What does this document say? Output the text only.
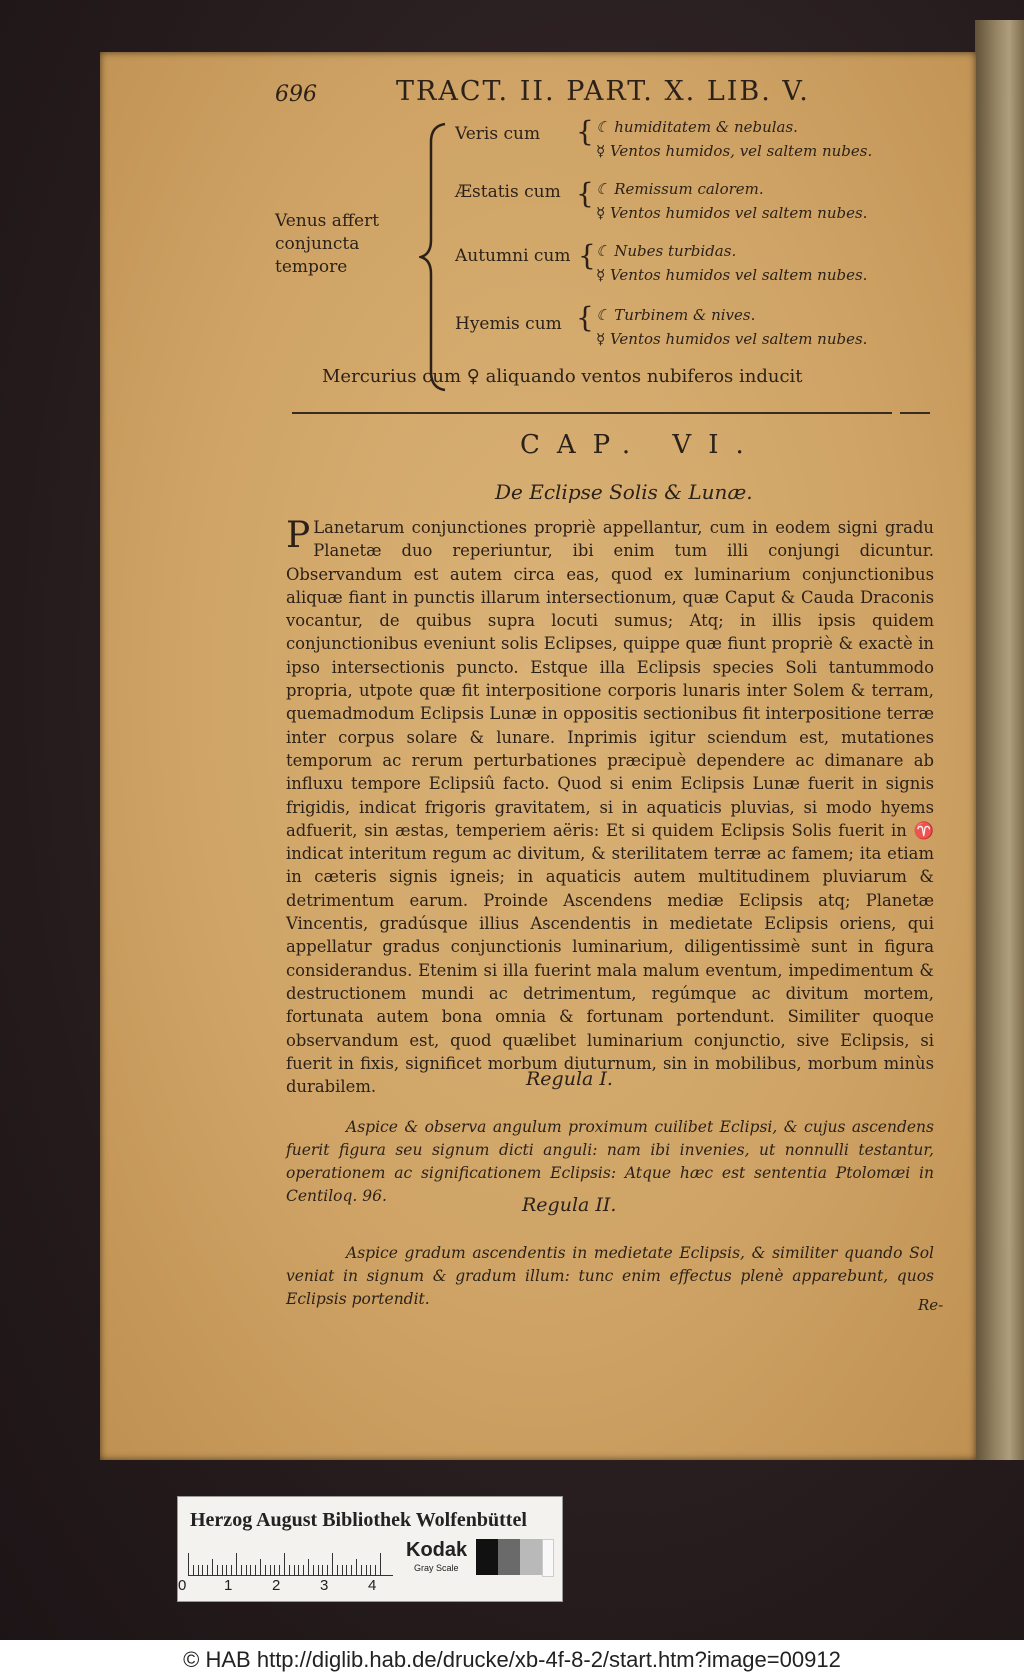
696	TRACT. II. PART. X. LIB. V.
Venus affert conjuncta tempore
Veris cum { ☾ humiditatem & nebulas.
☿ Ventos humidos, vel saltem nubes.
Æstatis cum { ☾ Remissum calorem.
☿ Ventos humidos vel saltem nubes.
Autumni cum { ☾ Nubes turbidas.
☿ Ventos humidos vel saltem nubes.
Hyemis cum { ☾ Turbinem & nives.
☿ Ventos humidos vel saltem nubes.
Mercurius cum ♀ aliquando ventos nubiferos inducit
CAP. VI.
De Eclipse Solis & Lunæ.
P Lanetarum conjunctiones propriè appellantur, cum in eodem signi gradu Planetæ duo reperiuntur, ibi enim tum illi conjungi dicuntur. Observandum est autem circa eas, quod ex luminarium conjunctionibus aliquæ fiant in punctis illarum intersectionum, quæ Caput & Cauda Draconis vocantur, de quibus supra locuti sumus; Atq; in illis ipsis quidem conjunctionibus eveniunt solis Eclipses, quippe quæ fiunt propriè & exactè in ipso intersectionis puncto. Estque illa Eclipsis species Soli tantummodo propria, utpote quæ fit interpositione corporis lunaris inter Solem & terram, quemadmodum Eclipsis Lunæ in oppositis sectionibus fit interpositione terræ inter corpus solare & lunare. Inprimis igitur sciendum est, mutationes temporum ac rerum perturbationes præcipuè dependere ac dimanare ab influxu tempore Eclipsiû facto. Quod si enim Eclipsis Lunæ fuerit in signis frigidis, indicat frigoris gravitatem, si in aquaticis pluvias, si modo hyems adfuerit, sin æstas, temperiem aëris: Et si quidem Eclipsis Solis fuerit in ♈ indicat interitum regum ac divitum, & sterilitatem terræ ac famem; ita etiam in cæteris signis igneis; in aquaticis autem multitudinem pluviarum & detrimentum earum. Proinde Ascendens mediæ Eclipsis atq; Planetæ Vincentis, gradúsque illius Ascendentis in medietate Eclipsis oriens, qui appellatur gradus conjunctionis luminarium, diligentissimè sunt in figura considerandus. Etenim si illa fuerint mala malum eventum, impedimentum & destructionem mundi ac detrimentum, regúmque ac divitum mortem, fortunata autem bona omnia & fortunam portendunt. Similiter quoque observandum est, quod quælibet luminarium conjunctio, sive Eclipsis, si fuerit in fixis, significet morbum diuturnum, sin in mobilibus, morbum minùs durabilem.	Regula I.
Aspice & observa angulum proximum cuilibet Eclipsi, & cujus ascendens fuerit figura seu signum dicti anguli: nam ibi invenies, ut nonnulli testantur, operationem ac significationem Eclipsis: Atque hæc est sententia Ptolomæi in Centiloq. 96.	Regula II.
Aspice gradum ascendentis in medietate Eclipsis, & similiter quando Sol veniat in signum & gradum illum: tunc enim effectus plenè apparebunt, quos Eclipsis portendit.	Re-
Herzog August Bibliothek Wolfenbüttel
0	1	2	3	4
Kodak
Gray Scale
© HAB http://diglib.hab.de/drucke/xb-4f-8-2/start.htm?image=00912
